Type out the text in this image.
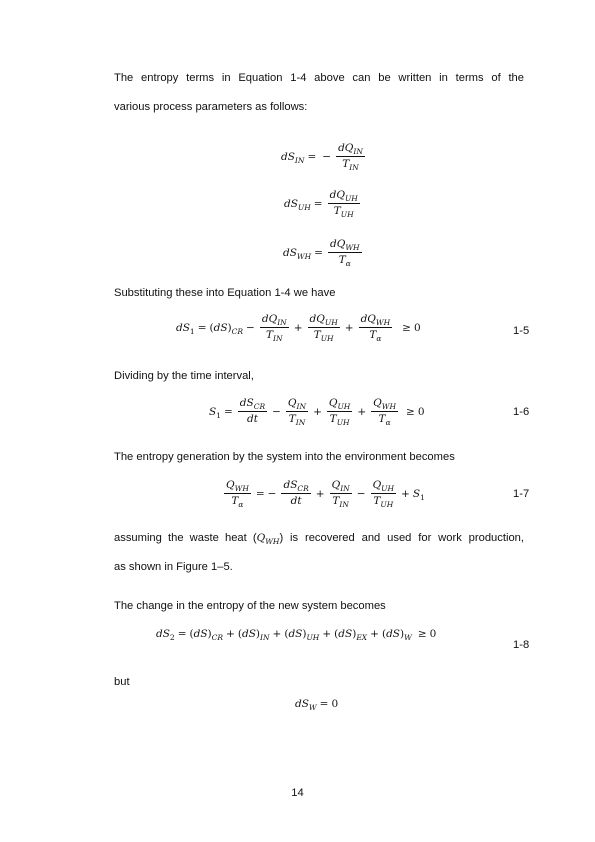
The entropy terms in Equation 1-4 above can be written in terms of the
various process parameters as follows:
$dS_{IN}$ = − $\frac{dQ_{IN}}{T_{IN}}$
$dS_{UH} = \frac{dQ_{UH}}{T_{UH}}$
$dS_{WH} = \frac{dQ_{WH}}{T_\alpha}$
Substituting these into Equation 1-4 we have
$dS_1 = (dS)_{CR} - \frac{dQ_{IN}}{T_{IN}} + \frac{dQ_{UH}}{T_{UH}} + \frac{dQ_{WH}}{T_\alpha} \ge 0$	1-5
Dividing by the time interval,
$S_1 = \frac{dS_{CR}}{dt} - \frac{Q_{IN}}{T_{IN}} + \frac{Q_{UH}}{T_{UH}} + \frac{Q_{WH}}{T_\alpha} \ge 0$	1-6
The entropy generation by the system into the environment becomes
$\frac{Q_{WH}}{T_\alpha}$ = − $\frac{dS_{CR}}{dt} + \frac{Q_{IN}}{T_{IN}} - \frac{Q_{UH}}{T_{UH}} + S_1$	1-7
assuming the waste heat ( $Q_{WH}$ ) is recovered and used for work production,
as shown in Figure 1–5.
The change in the entropy of the new system becomes
$dS_2 = (dS)_{CR} + (dS)_{IN} + (dS)_{UH} + (dS)_{EX} + (dS)_W \ge 0$
1-8
but
$dS_W = 0$
14
